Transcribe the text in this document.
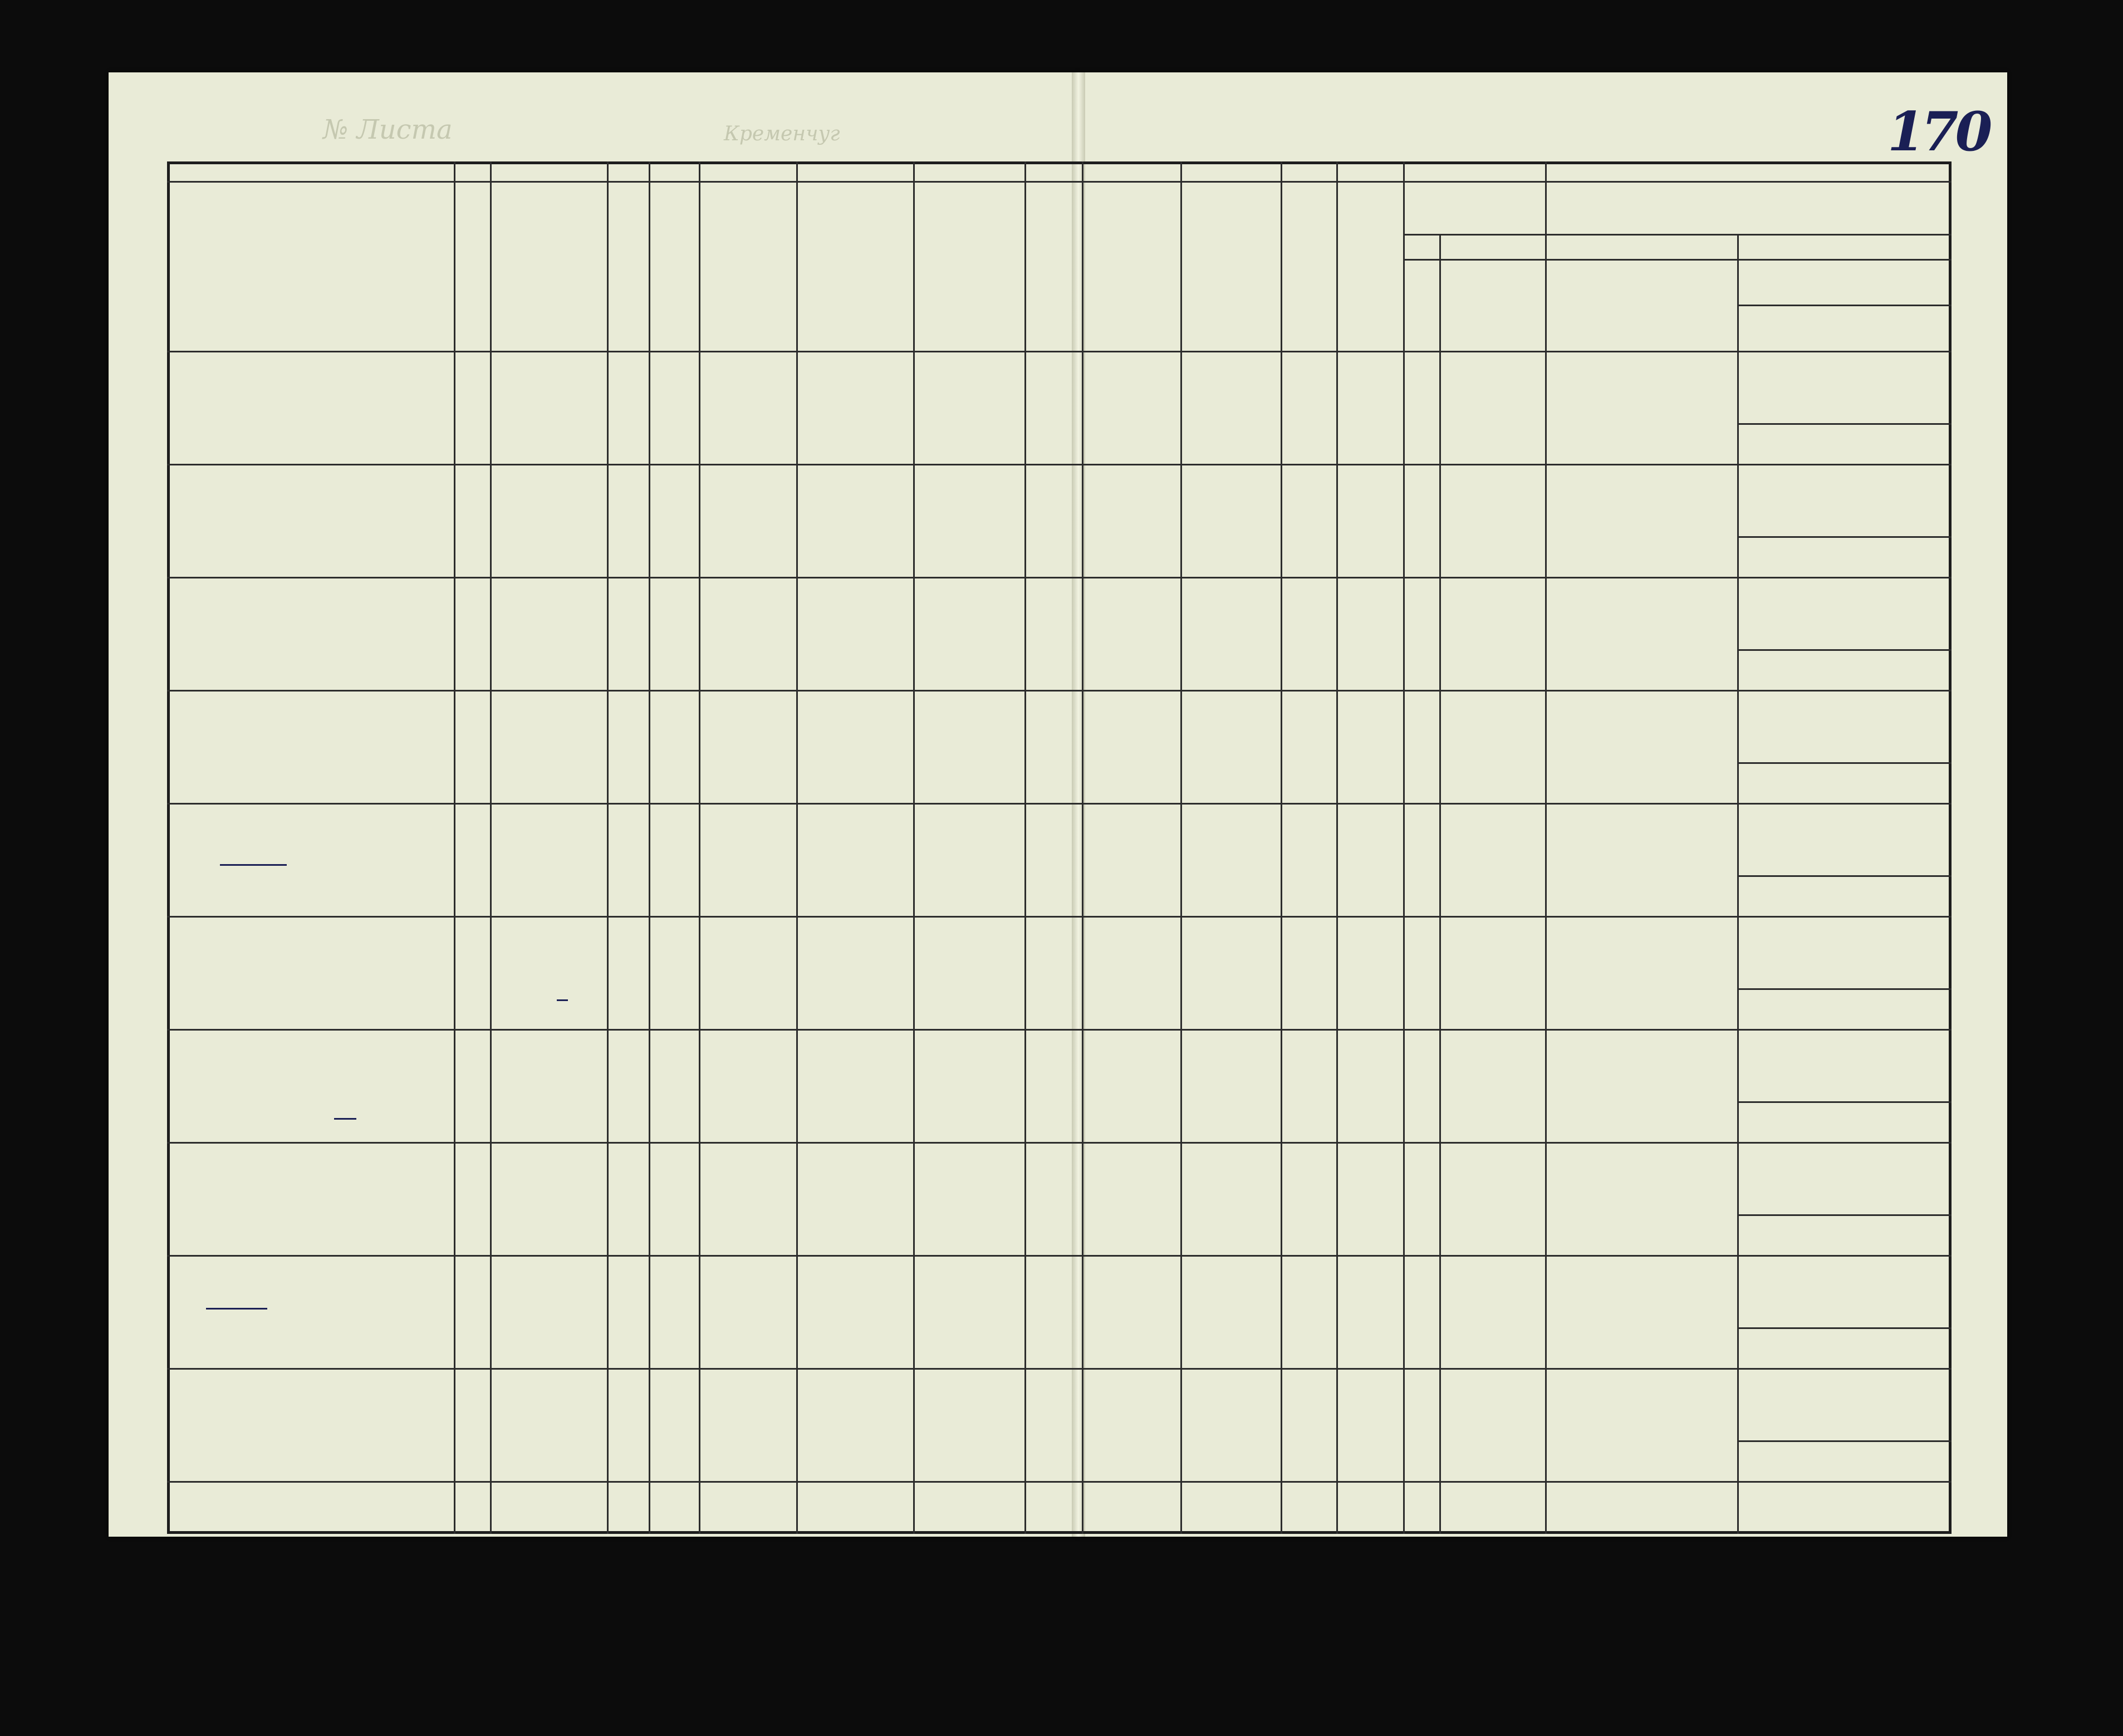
№ Листа	Кременчуг	170
